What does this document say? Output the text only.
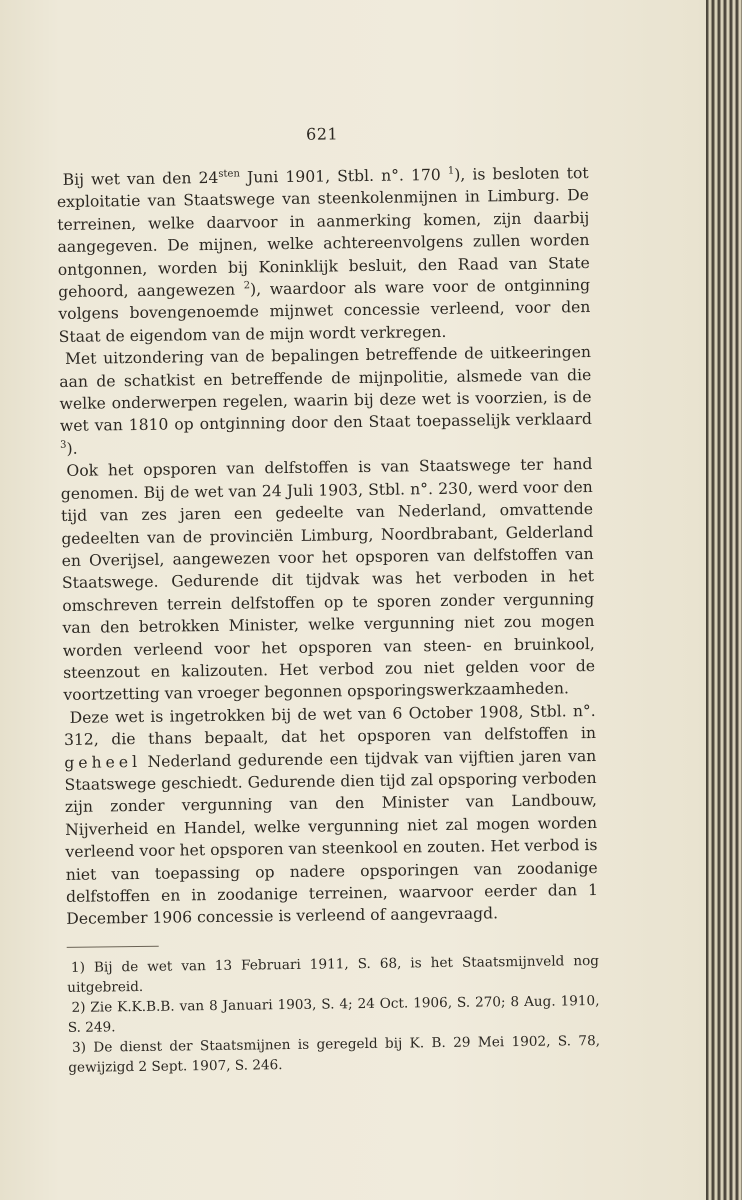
621

Bij wet van den $24^{sten}$ Juni 1901, Stbl. n°. 170 $^1$), is besloten tot exploitatie van Staatswege van steenkolenmijnen in Limburg. De terreinen, welke daarvoor in aanmerking komen, zijn daarbij aangegeven. De mijnen, welke achtereenvolgens zullen worden ontgonnen, worden bij Koninklijk besluit, den Raad van State gehoord, aangewezen $^2$), waardoor als ware voor de ontginning volgens bovengenoemde mijnwet concessie verleend, voor den Staat de eigendom van de mijn wordt verkregen.

Met uitzondering van de bepalingen betreffende de uitkeeringen aan de schatkist en betreffende de mijnpolitie, alsmede van die welke onderwerpen regelen, waarin bij deze wet is voorzien, is de wet van 1810 op ontginning door den Staat toepasselijk verklaard $^3$).

Ook het opsporen van delfstoffen is van Staatswege ter hand genomen. Bij de wet van 24 Juli 1903, Stbl. n°. 230, werd voor den tijd van zes jaren een gedeelte van Nederland, omvattende gedeelten van de provinciën Limburg, Noordbrabant, Gelderland en Overijsel, aangewezen voor het opsporen van delfstoffen van Staatswege. Gedurende dit tijdvak was het verboden in het omschreven terrein delfstoffen op te sporen zonder vergunning van den betrokken Minister, welke vergunning niet zou mogen worden verleend voor het opsporen van steen- en bruinkool, steenzout en kalizouten. Het verbod zou niet gelden voor de voortzetting van vroeger begonnen opsporingswerkzaamheden.

Deze wet is ingetrokken bij de wet van 6 October 1908, Stbl. n°. 312, die thans bepaalt, dat het opsporen van delfstoffen in geheel Nederland gedurende een tijdvak van vijftien jaren van Staatswege geschiedt. Gedurende dien tijd zal opsporing verboden zijn zonder vergunning van den Minister van Landbouw, Nijverheid en Handel, welke vergunning niet zal mogen worden verleend voor het opsporen van steenkool en zouten. Het verbod is niet van toepassing op nadere opsporingen van zoodanige delfstoffen en in zoodanige terreinen, waarvoor eerder dan 1 December 1906 concessie is verleend of aangevraagd.

1) Bij de wet van 13 Februari 1911, S. 68, is het Staatsmijnveld nog uitgebreid.

2) Zie K.K.B.B. van 8 Januari 1903, S. 4; 24 Oct. 1906, S. 270; 8 Aug. 1910, S. 249.

3) De dienst der Staatsmijnen is geregeld bij K. B. 29 Mei 1902, S. 78, gewijzigd 2 Sept. 1907, S. 246.
